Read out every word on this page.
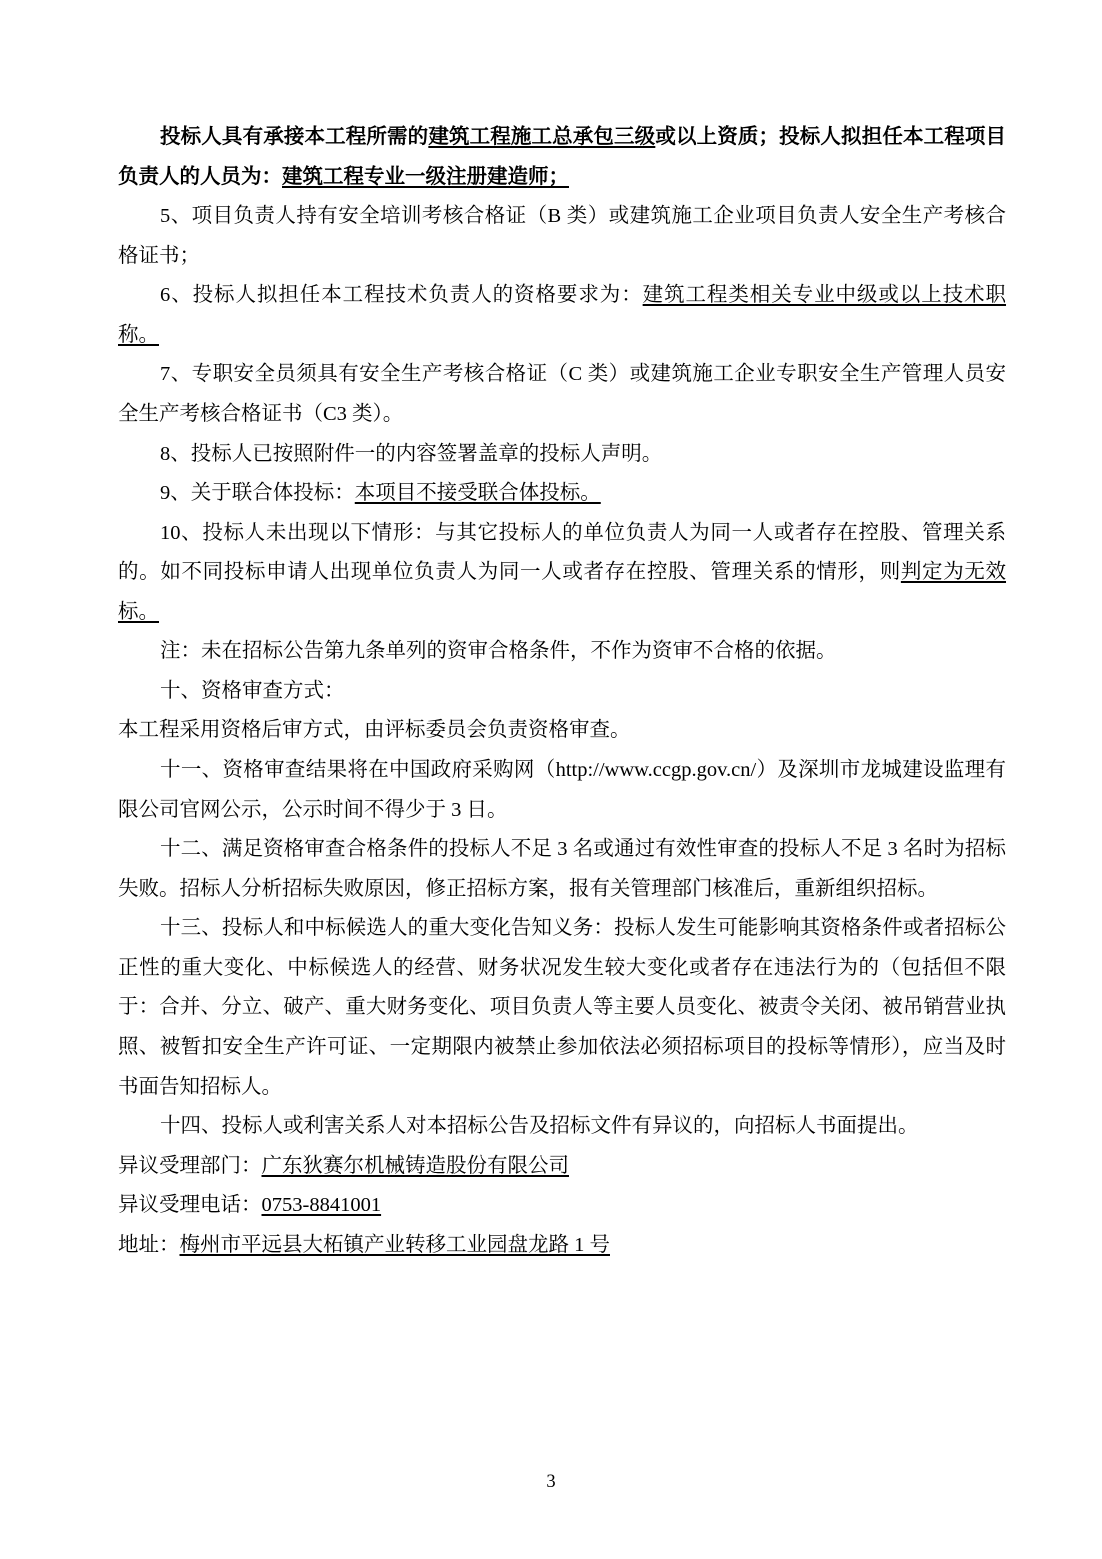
投标人具有承接本工程所需的建筑工程施工总承包三级或以上资质；投标人拟担任本工程项目负责人的人员为：建筑工程专业一级注册建造师；

5、项目负责人持有安全培训考核合格证（B 类）或建筑施工企业项目负责人安全生产考核合格证书；

6、投标人拟担任本工程技术负责人的资格要求为：建筑工程类相关专业中级或以上技术职称。

7、专职安全员须具有安全生产考核合格证（C 类）或建筑施工企业专职安全生产管理人员安全生产考核合格证书（C3 类）。

8、投标人已按照附件一的内容签署盖章的投标人声明。

9、关于联合体投标：本项目不接受联合体投标。

10、投标人未出现以下情形：与其它投标人的单位负责人为同一人或者存在控股、管理关系的。如不同投标申请人出现单位负责人为同一人或者存在控股、管理关系的情形，则判定为无效标。

注：未在招标公告第九条单列的资审合格条件，不作为资审不合格的依据。

十、资格审查方式：

本工程采用资格后审方式，由评标委员会负责资格审查。

十一、资格审查结果将在中国政府采购网（http://www.ccgp.gov.cn/）及深圳市龙城建设监理有限公司官网公示，公示时间不得少于 3 日。

十二、满足资格审查合格条件的投标人不足 3 名或通过有效性审查的投标人不足 3 名时为招标失败。招标人分析招标失败原因，修正招标方案，报有关管理部门核准后，重新组织招标。

十三、投标人和中标候选人的重大变化告知义务：投标人发生可能影响其资格条件或者招标公正性的重大变化、中标候选人的经营、财务状况发生较大变化或者存在违法行为的（包括但不限于：合并、分立、破产、重大财务变化、项目负责人等主要人员变化、被责令关闭、被吊销营业执照、被暂扣安全生产许可证、一定期限内被禁止参加依法必须招标项目的投标等情形），应当及时书面告知招标人。

十四、投标人或利害关系人对本招标公告及招标文件有异议的，向招标人书面提出。

异议受理部门：广东狄赛尔机械铸造股份有限公司

异议受理电话：0753-8841001

地址：梅州市平远县大柘镇产业转移工业园盘龙路 1 号

3
